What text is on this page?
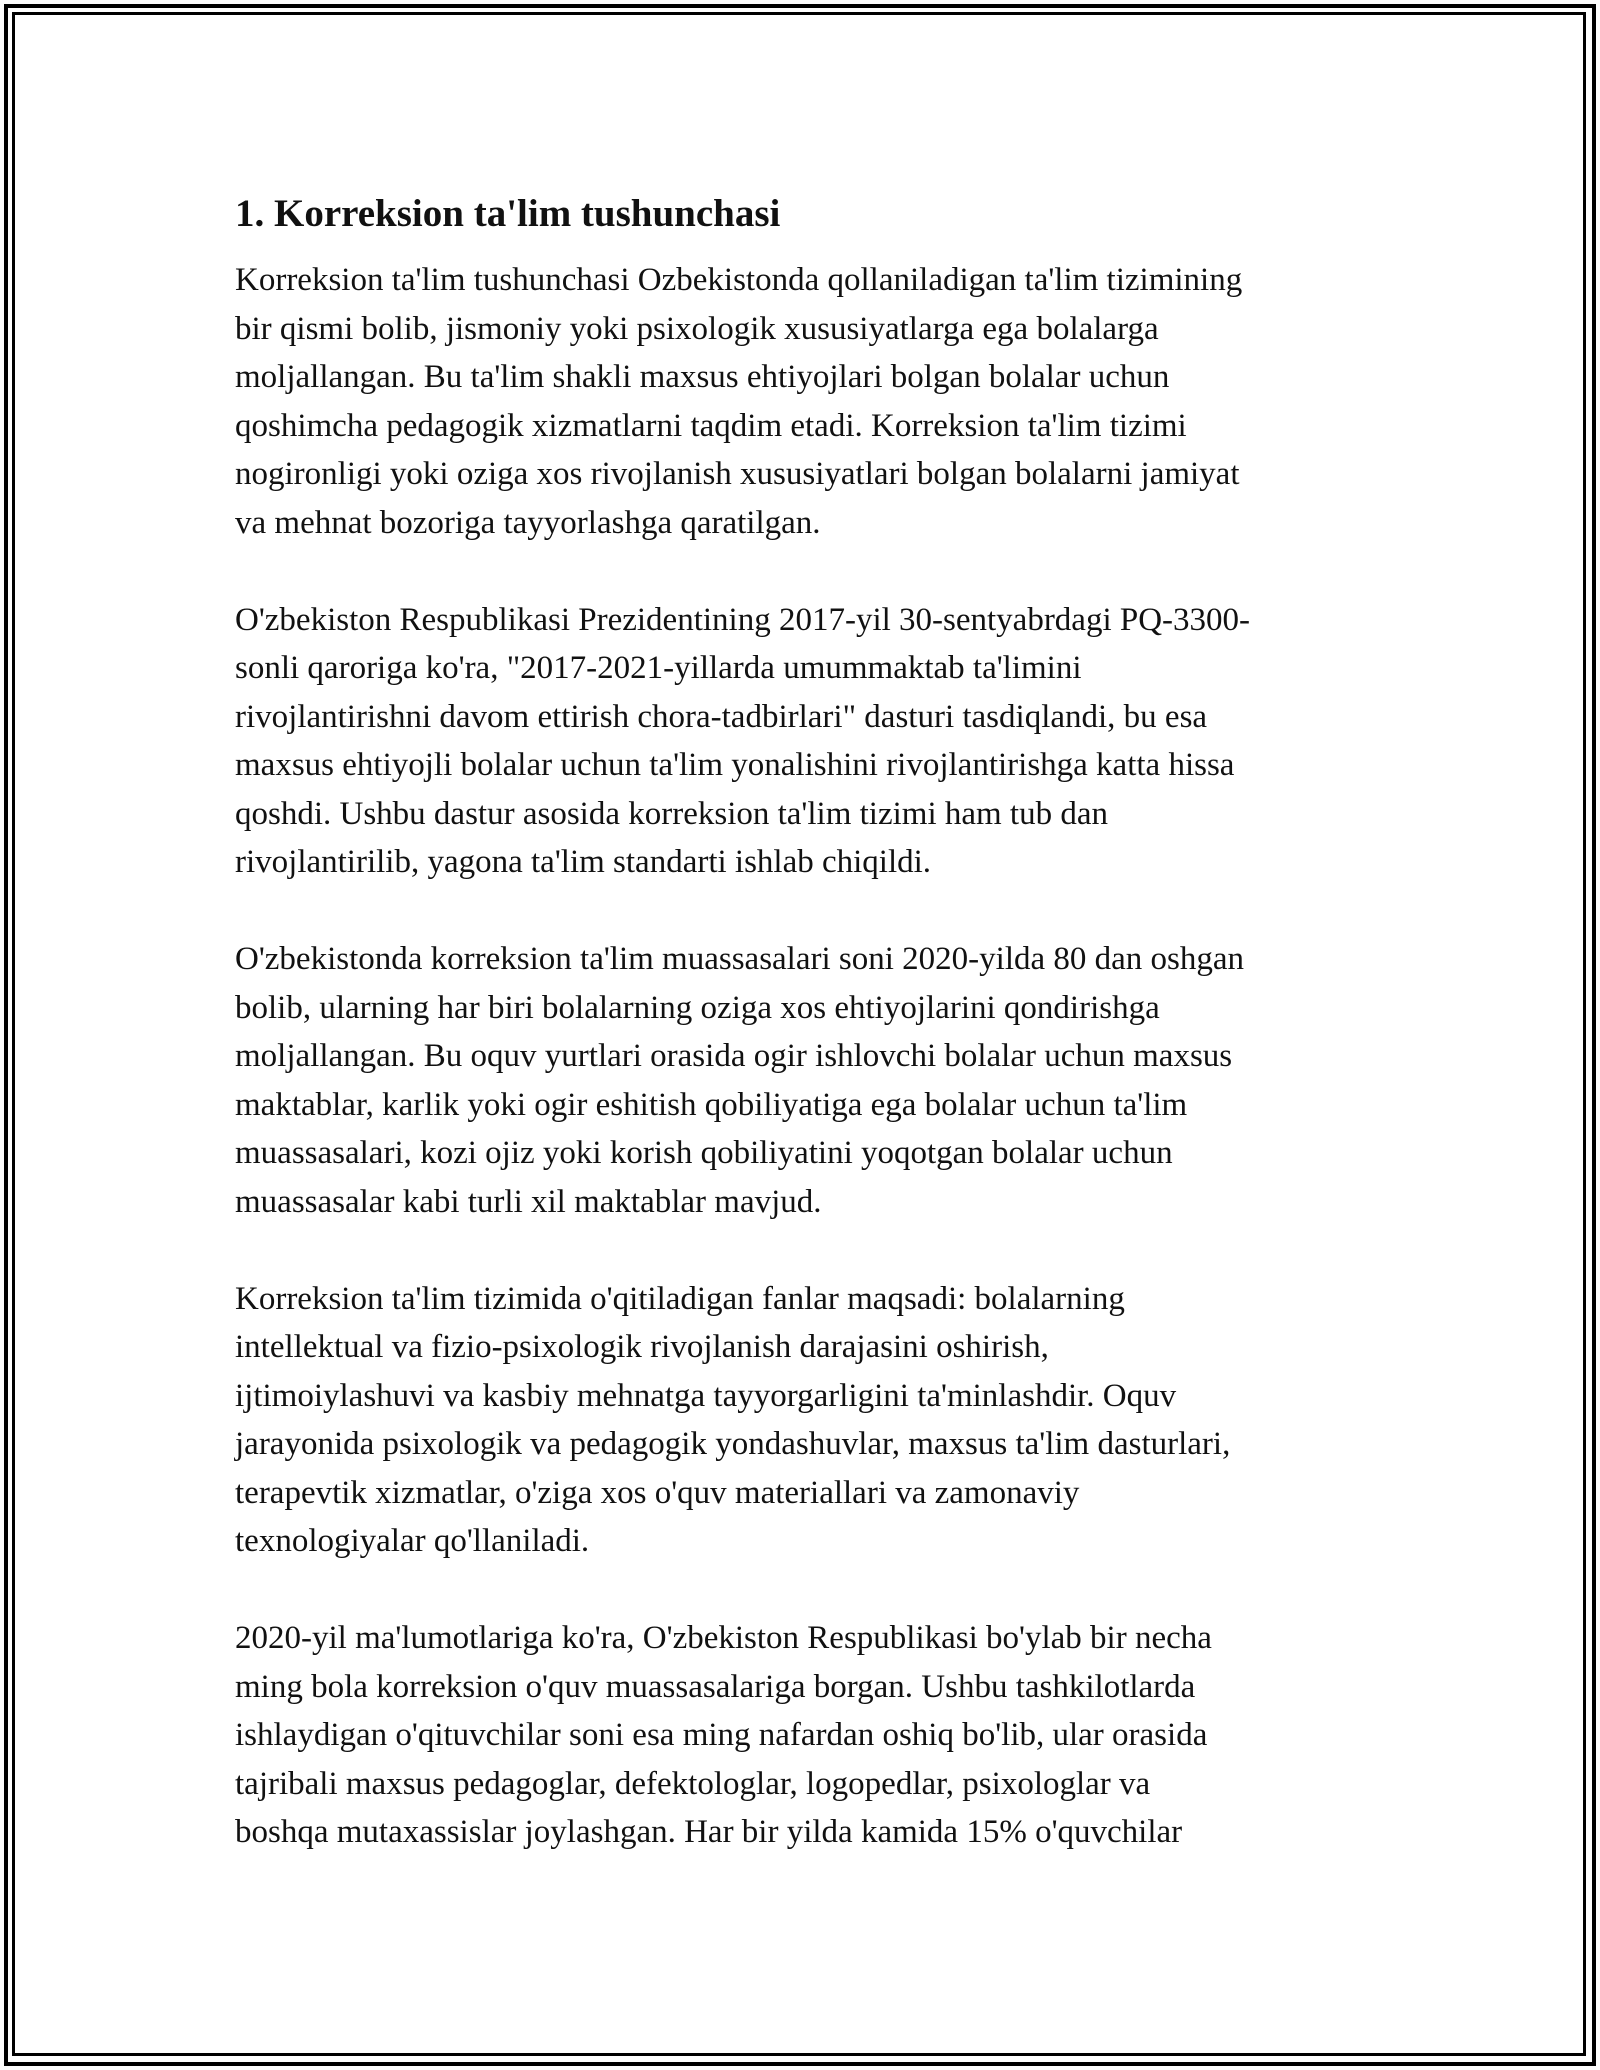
1. Korreksion ta'lim tushunchasi

Korreksion ta'lim tushunchasi Ozbekistonda qollaniladigan ta'lim tizimining
bir qismi bolib, jismoniy yoki psixologik xususiyatlarga ega bolalarga
moljallangan. Bu ta'lim shakli maxsus ehtiyojlari bolgan bolalar uchun
qoshimcha pedagogik xizmatlarni taqdim etadi. Korreksion ta'lim tizimi
nogironligi yoki oziga xos rivojlanish xususiyatlari bolgan bolalarni jamiyat
va mehnat bozoriga tayyorlashga qaratilgan.

O'zbekiston Respublikasi Prezidentining 2017-yil 30-sentyabrdagi PQ-3300-
sonli qaroriga ko'ra, "2017-2021-yillarda umummaktab ta'limini
rivojlantirishni davom ettirish chora-tadbirlari" dasturi tasdiqlandi, bu esa
maxsus ehtiyojli bolalar uchun ta'lim yonalishini rivojlantirishga katta hissa
qoshdi. Ushbu dastur asosida korreksion ta'lim tizimi ham tub dan
rivojlantirilib, yagona ta'lim standarti ishlab chiqildi.

O'zbekistonda korreksion ta'lim muassasalari soni 2020-yilda 80 dan oshgan
bolib, ularning har biri bolalarning oziga xos ehtiyojlarini qondirishga
moljallangan. Bu oquv yurtlari orasida ogir ishlovchi bolalar uchun maxsus
maktablar, karlik yoki ogir eshitish qobiliyatiga ega bolalar uchun ta'lim
muassasalari, kozi ojiz yoki korish qobiliyatini yoqotgan bolalar uchun
muassasalar kabi turli xil maktablar mavjud.

Korreksion ta'lim tizimida o'qitiladigan fanlar maqsadi: bolalarning
intellektual va fizio-psixologik rivojlanish darajasini oshirish,
ijtimoiylashuvi va kasbiy mehnatga tayyorgarligini ta'minlashdir. Oquv
jarayonida psixologik va pedagogik yondashuvlar, maxsus ta'lim dasturlari,
terapevtik xizmatlar, o'ziga xos o'quv materiallari va zamonaviy
texnologiyalar qo'llaniladi.

2020-yil ma'lumotlariga ko'ra, O'zbekiston Respublikasi bo'ylab bir necha
ming bola korreksion o'quv muassasalariga borgan. Ushbu tashkilotlarda
ishlaydigan o'qituvchilar soni esa ming nafardan oshiq bo'lib, ular orasida
tajribali maxsus pedagoglar, defektologlar, logopedlar, psixologlar va
boshqa mutaxassislar joylashgan. Har bir yilda kamida 15% o'quvchilar
